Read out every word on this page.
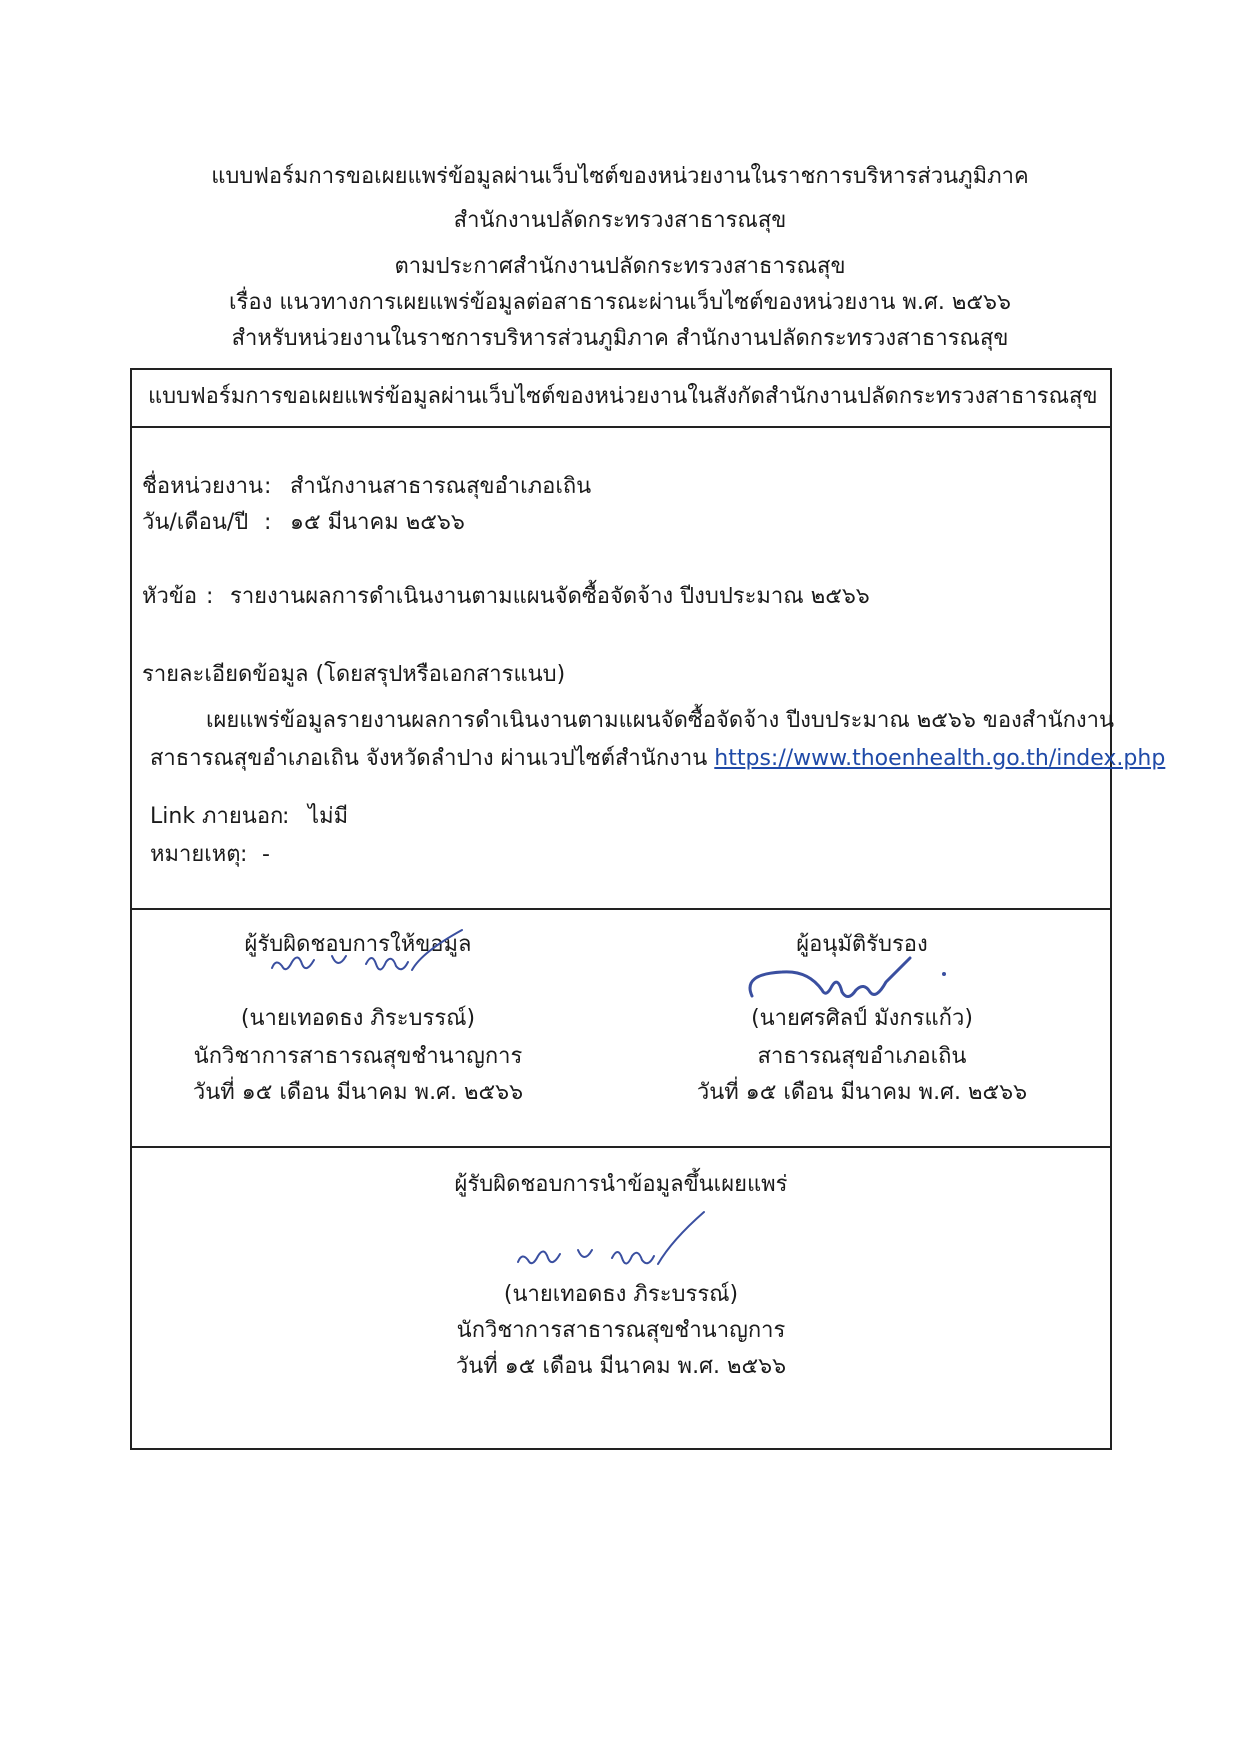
แบบฟอร์มการขอเผยแพร่ข้อมูลผ่านเว็บไซต์ของหน่วยงานในราชการบริหารส่วนภูมิภาค
สำนักงานปลัดกระทรวงสาธารณสุข
ตามประกาศสำนักงานปลัดกระทรวงสาธารณสุข
เรื่อง แนวทางการเผยแพร่ข้อมูลต่อสาธารณะผ่านเว็บไซต์ของหน่วยงาน พ.ศ. ๒๕๖๖
สำหรับหน่วยงานในราชการบริหารส่วนภูมิภาค สำนักงานปลัดกระทรวงสาธารณสุข
แบบฟอร์มการขอเผยแพร่ข้อมูลผ่านเว็บไซต์ของหน่วยงานในสังกัดสำนักงานปลัดกระทรวงสาธารณสุข
ชื่อหน่วยงาน : สำนักงานสาธารณสุขอำเภอเถิน
วัน/เดือน/ปี : ๑๕ มีนาคม ๒๕๖๖
หัวข้อ : รายงานผลการดำเนินงานตามแผนจัดซื้อจัดจ้าง ปีงบประมาณ ๒๕๖๖
รายละเอียดข้อมูล (โดยสรุปหรือเอกสารแนบ)
เผยแพร่ข้อมูลรายงานผลการดำเนินงานตามแผนจัดซื้อจัดจ้าง ปีงบประมาณ ๒๕๖๖ ของสำนักงาน
สาธารณสุขอำเภอเถิน จังหวัดลำปาง ผ่านเวปไซต์สำนักงาน https://www.thoenhealth.go.th/index.php
Link ภายนอก
: ไม่มี
หมายเหตุ : -
ผู้รับผิดชอบการให้ขอมูล
(นายเทอดธง ภิระบรรณ์)
นักวิชาการสาธารณสุขชำนาญการ
วันที่ ๑๕ เดือน มีนาคม พ.ศ. ๒๕๖๖
ผู้อนุมัติรับรอง
(นายศรศิลป์ มังกรแก้ว)
สาธารณสุขอำเภอเถิน
วันที่ ๑๕ เดือน มีนาคม พ.ศ. ๒๕๖๖
ผู้รับผิดชอบการนำข้อมูลขึ้นเผยแพร่
(นายเทอดธง ภิระบรรณ์)
นักวิชาการสาธารณสุขชำนาญการ
วันที่ ๑๕ เดือน มีนาคม พ.ศ. ๒๕๖๖
